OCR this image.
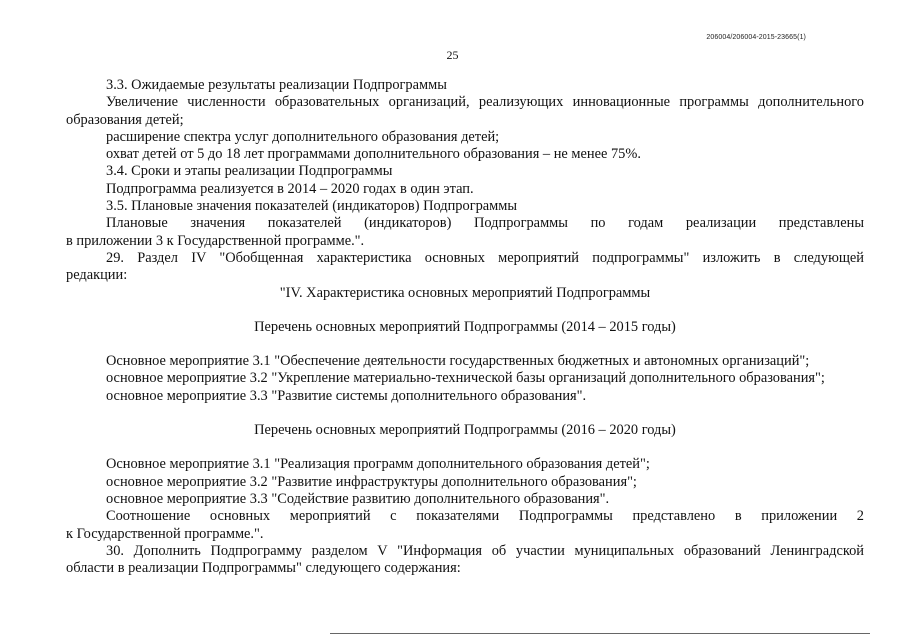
206004/206004-2015-23665(1)
25

3.3. Ожидаемые результаты реализации Подпрограммы

Увеличение численности образовательных организаций, реализующих инновационные программы дополнительного

образования детей;

расширение спектра услуг дополнительного образования детей;

охват детей от 5 до 18 лет программами дополнительного образования – не менее 75%.

3.4. Сроки и этапы реализации Подпрограммы

Подпрограмма реализуется в 2014 – 2020 годах в один этап.

3.5. Плановые значения показателей (индикаторов) Подпрограммы

Плановые значения показателей (индикаторов) Подпрограммы по годам реализации представлены

в приложении 3 к Государственной программе.".

29. Раздел IV "Обобщенная характеристика основных мероприятий подпрограммы" изложить в следующей

редакции:

"IV. Характеристика основных мероприятий Подпрограммы

Перечень основных мероприятий Подпрограммы (2014 – 2015 годы)

Основное мероприятие 3.1 "Обеспечение деятельности государственных бюджетных и автономных организаций";

основное мероприятие 3.2 "Укрепление материально-технической базы организаций дополнительного образования";

основное мероприятие 3.3 "Развитие системы дополнительного образования".

Перечень основных мероприятий Подпрограммы (2016 – 2020 годы)

Основное мероприятие 3.1 "Реализация программ дополнительного образования детей";

основное мероприятие 3.2 "Развитие инфраструктуры дополнительного образования";

основное мероприятие 3.3 "Содействие развитию дополнительного образования".

Соотношение основных мероприятий с показателями Подпрограммы представлено в приложении 2

к Государственной программе.".

30. Дополнить Подпрограмму разделом V "Информация об участии муниципальных образований Ленинградской

области в реализации Подпрограммы" следующего содержания:
